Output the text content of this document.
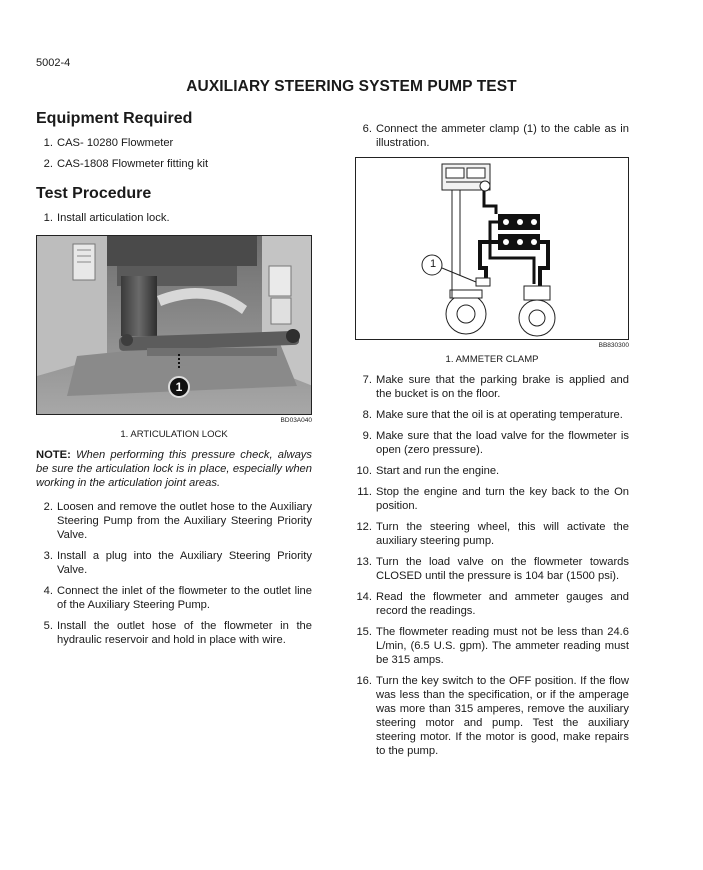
5002-4
AUXILIARY STEERING SYSTEM PUMP TEST
Equipment Required
1. CAS- 10280 Flowmeter
2. CAS-1808 Flowmeter fitting kit
Test Procedure
1. Install articulation lock.
1
BD03A040
1. ARTICULATION LOCK

NOTE: When performing this pressure check, always be sure the articulation lock is in place, especially when working in the articulation joint areas.

2. Loosen and remove the outlet hose to the Auxiliary Steering Pump from the Auxiliary Steering Priority Valve.
3. Install a plug into the Auxiliary Steering Priority Valve.
4. Connect the inlet of the flowmeter to the outlet line of the Auxiliary Steering Pump.
5. Install the outlet hose of the flowmeter in the hydraulic reservoir and hold in place with wire.
6. Connect the ammeter clamp (1) to the cable as in illustration.
1
BB830300
1. AMMETER CLAMP
7. Make sure that the parking brake is applied and the bucket is on the floor.
8. Make sure that the oil is at operating temperature.
9. Make sure that the load valve for the flowmeter is open (zero pressure).
10. Start and run the engine.
11. Stop the engine and turn the key back to the On position.
12. Turn the steering wheel, this will activate the auxiliary steering pump.
13. Turn the load valve on the flowmeter towards CLOSED until the pressure is 104 bar (1500 psi).
14. Read the flowmeter and ammeter gauges and record the readings.
15. The flowmeter reading must not be less than 24.6 L/min, (6.5 U.S. gpm). The ammeter reading must be 315 amps.
16. Turn the key switch to the OFF position. If the flow was less than the specification, or if the amperage was more than 315 amperes, remove the auxiliary steering motor and pump. Test the auxiliary steering motor. If the motor is good, make repairs to the pump.
